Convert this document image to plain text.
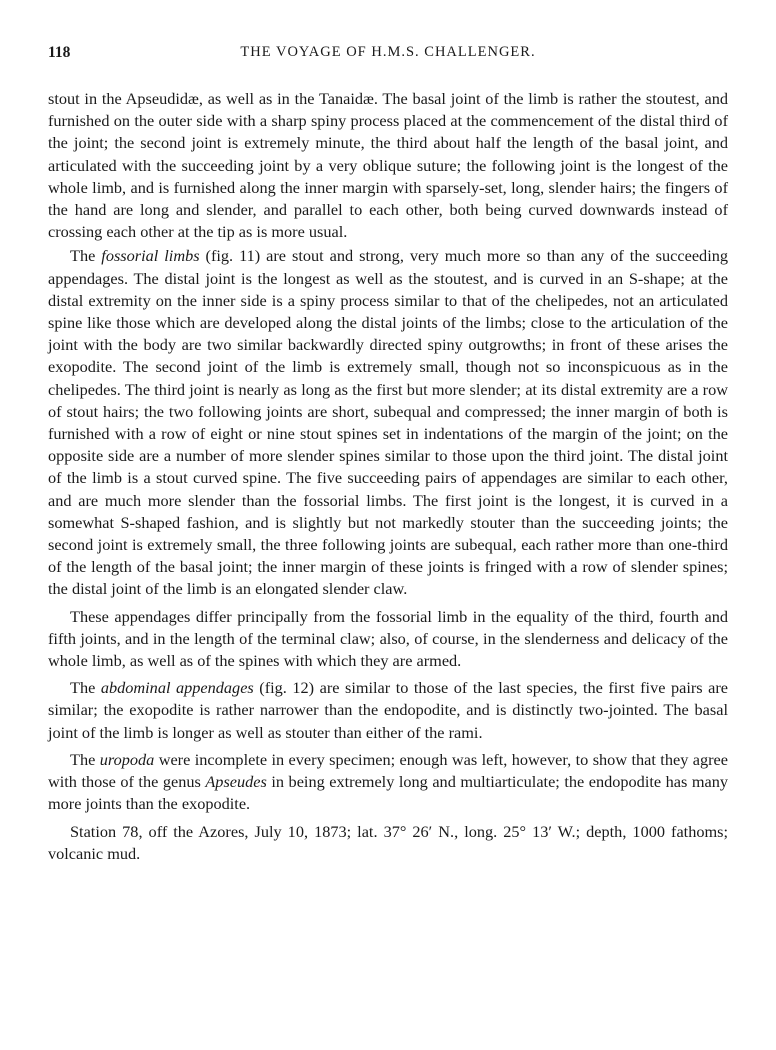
118	THE VOYAGE OF H.M.S. CHALLENGER.

stout in the Apseudidæ, as well as in the Tanaidæ. The basal joint of the limb is rather the stoutest, and furnished on the outer side with a sharp spiny process placed at the commencement of the distal third of the joint; the second joint is extremely minute, the third about half the length of the basal joint, and articulated with the succeeding joint by a very oblique suture; the following joint is the longest of the whole limb, and is furnished along the inner margin with sparsely-set, long, slender hairs; the fingers of the hand are long and slender, and parallel to each other, both being curved downwards instead of crossing each other at the tip as is more usual.

The fossorial limbs (fig. 11) are stout and strong, very much more so than any of the succeeding appendages. The distal joint is the longest as well as the stoutest, and is curved in an S-shape; at the distal extremity on the inner side is a spiny process similar to that of the chelipedes, not an articulated spine like those which are developed along the distal joints of the limbs; close to the articulation of the joint with the body are two similar backwardly directed spiny outgrowths; in front of these arises the exopodite. The second joint of the limb is extremely small, though not so inconspicuous as in the chelipedes. The third joint is nearly as long as the first but more slender; at its distal extremity are a row of stout hairs; the two following joints are short, subequal and compressed; the inner margin of both is furnished with a row of eight or nine stout spines set in indentations of the margin of the joint; on the opposite side are a number of more slender spines similar to those upon the third joint. The distal joint of the limb is a stout curved spine. The five succeeding pairs of appendages are similar to each other, and are much more slender than the fossorial limbs. The first joint is the longest, it is curved in a somewhat S-shaped fashion, and is slightly but not markedly stouter than the succeeding joints; the second joint is extremely small, the three following joints are subequal, each rather more than one-third of the length of the basal joint; the inner margin of these joints is fringed with a row of slender spines; the distal joint of the limb is an elongated slender claw.

These appendages differ principally from the fossorial limb in the equality of the third, fourth and fifth joints, and in the length of the terminal claw; also, of course, in the slenderness and delicacy of the whole limb, as well as of the spines with which they are armed.

The abdominal appendages (fig. 12) are similar to those of the last species, the first five pairs are similar; the exopodite is rather narrower than the endopodite, and is distinctly two-jointed. The basal joint of the limb is longer as well as stouter than either of the rami.

The uropoda were incomplete in every specimen; enough was left, however, to show that they agree with those of the genus Apseudes in being extremely long and multiarticulate; the endopodite has many more joints than the exopodite.

Station 78, off the Azores, July 10, 1873; lat. 37° 26′ N., long. 25° 13′ W.; depth, 1000 fathoms; volcanic mud.
